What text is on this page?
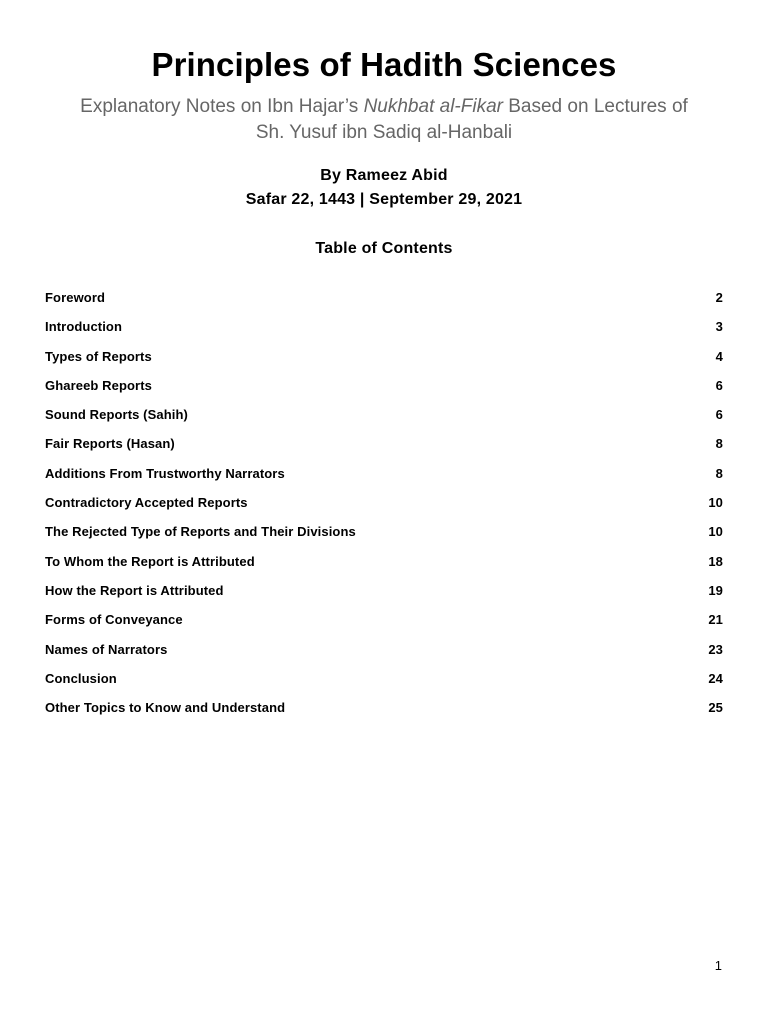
Principles of Hadith Sciences

Explanatory Notes on Ibn Hajar’s Nukhbat al-Fikar Based on Lectures of
Sh. Yusuf ibn Sadiq al-Hanbali

By Rameez Abid
Safar 22, 1443 | September 29, 2021
Table of Contents
Foreword	2
Introduction	3
Types of Reports	4
Ghareeb Reports	6
Sound Reports (Sahih)	6
Fair Reports (Hasan)	8
Additions From Trustworthy Narrators	8
Contradictory Accepted Reports	10
The Rejected Type of Reports and Their Divisions	10
To Whom the Report is Attributed	18
How the Report is Attributed	19
Forms of Conveyance	21
Names of Narrators	23
Conclusion	24
Other Topics to Know and Understand	25
1
